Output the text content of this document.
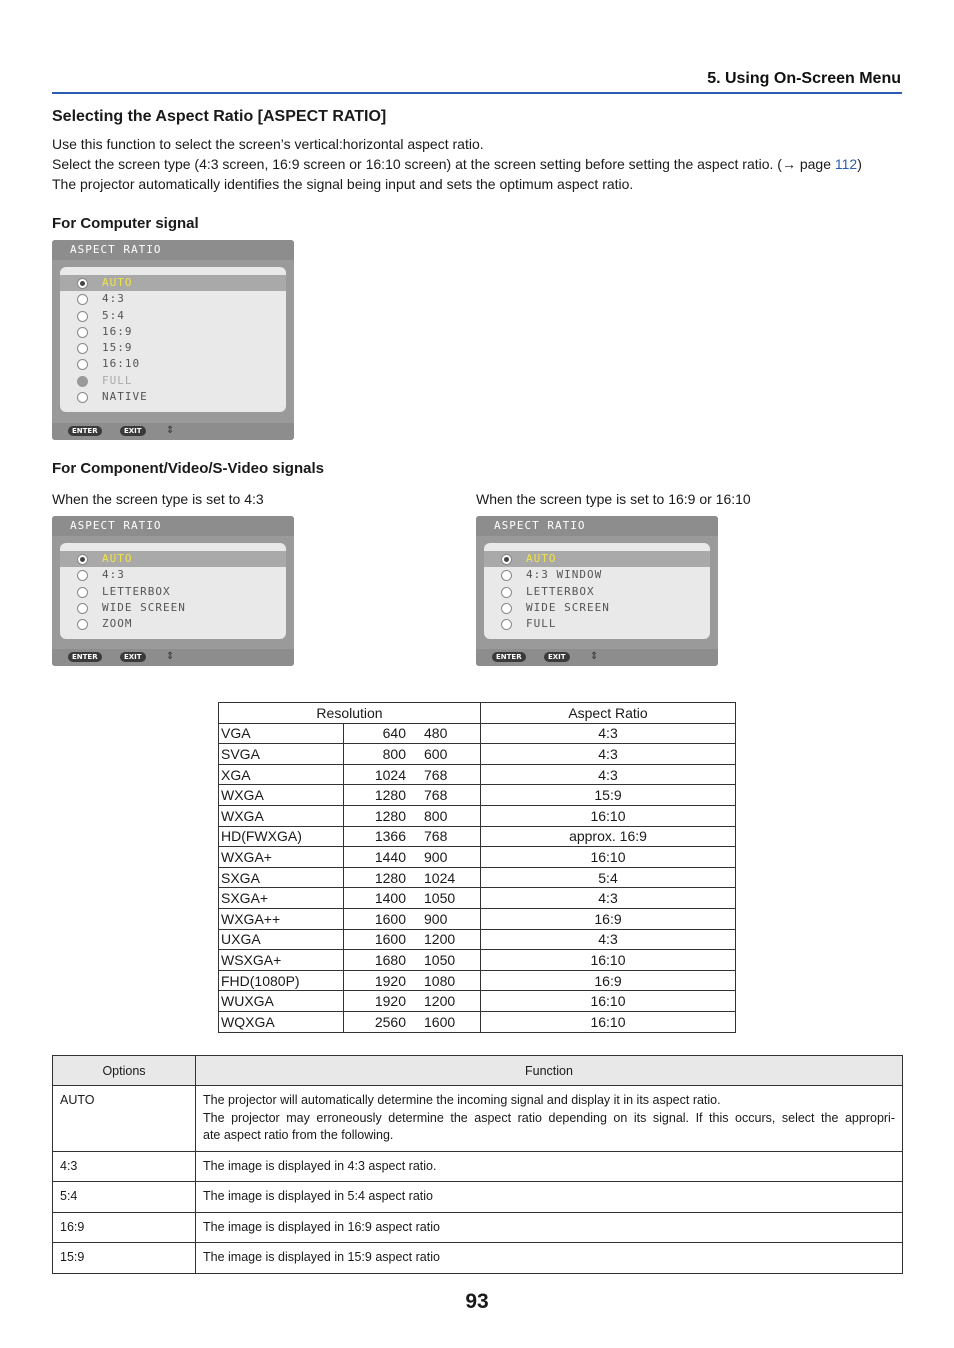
5. Using On-Screen Menu
Selecting the Aspect Ratio [ASPECT RATIO]
Use this function to select the screen’s vertical:horizontal aspect ratio.
Select the screen type (4:3 screen, 16:9 screen or 16:10 screen) at the screen setting before setting the aspect ratio. (→ page 112)
The projector automatically identifies the signal being input and sets the optimum aspect ratio.
For Computer signal
ASPECT RATIO
AUTO
4:3
5:4
16:9
15:9
16:10
FULL
NATIVE
ENTER	EXIT	⇕
For Component/Video/S-Video signals
When the screen type is set to 4:3	When the screen type is set to 16:9 or 16:10
ASPECT RATIO
AUTO
4:3
LETTERBOX
WIDE SCREEN
ZOOM
ENTER	EXIT	⇕
ASPECT RATIO
AUTO
4:3 WINDOW
LETTERBOX
WIDE SCREEN
FULL
ENTER	EXIT	⇕
Resolution			Aspect Ratio
VGA	640	480	4:3
SVGA	800	600	4:3
XGA	1024	768	4:3
WXGA	1280	768	15:9
WXGA	1280	800	16:10
HD(FWXGA)	1366	768	approx. 16:9
WXGA+	1440	900	16:10
SXGA	1280	1024	5:4
SXGA+	1400	1050	4:3
WXGA++	1600	900	16:9
UXGA	1600	1200	4:3
WSXGA+	1680	1050	16:10
FHD(1080P)	1920	1080	16:9
WUXGA	1920	1200	16:10
WQXGA	2560	1600	16:10
Options	Function
AUTO	The projector will automatically determine the incoming signal and display it in its aspect ratio.
The projector may erroneously determine the aspect ratio depending on its signal. If this occurs, select the appropri-
ate aspect ratio from the following.

4:3	The image is displayed in 4:3 aspect ratio.

5:4	The image is displayed in 5:4 aspect ratio

16:9	The image is displayed in 16:9 aspect ratio

15:9	The image is displayed in 15:9 aspect ratio
93
